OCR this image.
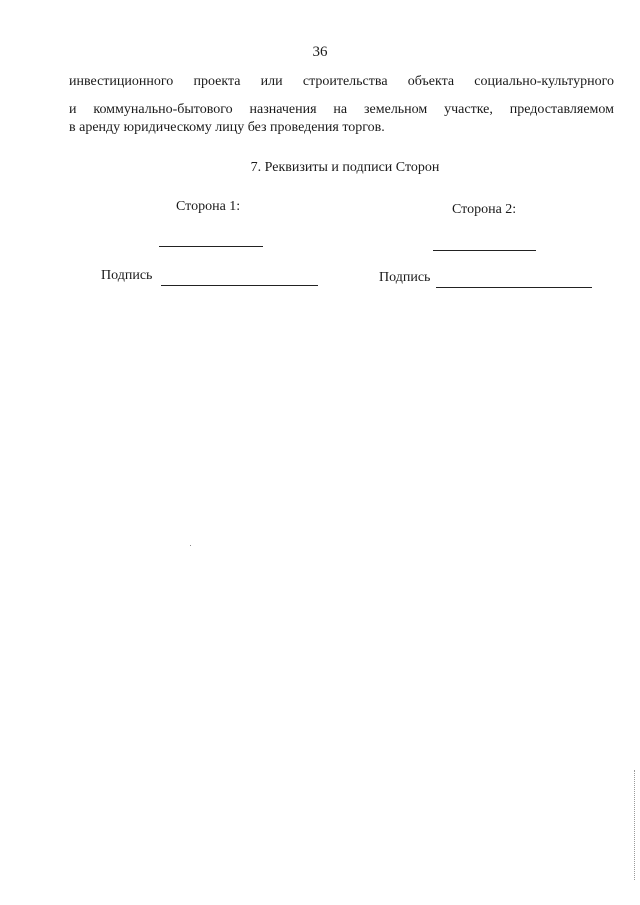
36
инвестиционного проекта или строительства объекта социально-культурного
и коммунально-бытового назначения на земельном участке, предоставляемом
в аренду юридическому лицу без проведения торгов.
7. Реквизиты и подписи Сторон
Сторона 1:	Сторона 2:
Подпись	Подпись
